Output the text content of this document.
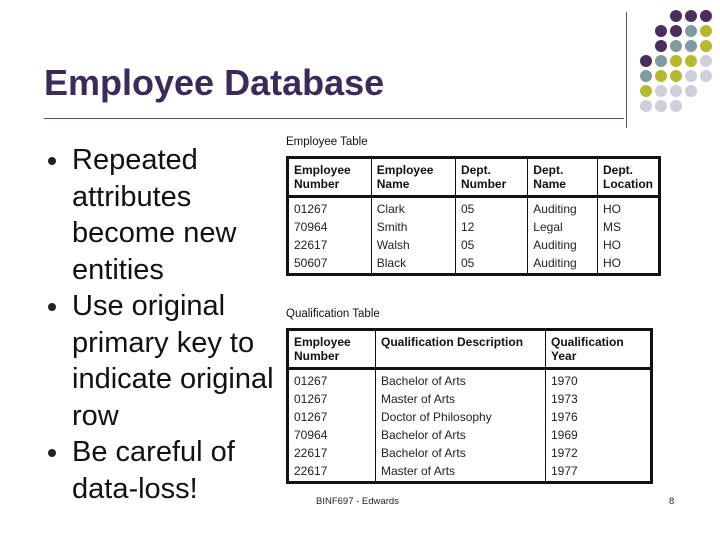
Employee Database
Repeated attributes become new entities
Use original primary key to indicate original row
Be careful of data-loss!
Employee Table
Employee Number	Employee Name	Dept. Number	Dept. Name	Dept. Location
01267	Clark	05	Auditing	HO
70964	Smith	12	Legal	MS
22617	Walsh	05	Auditing	HO
50607	Black	05	Auditing	HO
Qualification Table
Employee Number	Qualification Description	Qualification Year
01267	Bachelor of Arts	1970
01267	Master of Arts	1973
01267	Doctor of Philosophy	1976
70964	Bachelor of Arts	1969
22617	Bachelor of Arts	1972
22617	Master of Arts	1977
BINF697 - Edwards	8
